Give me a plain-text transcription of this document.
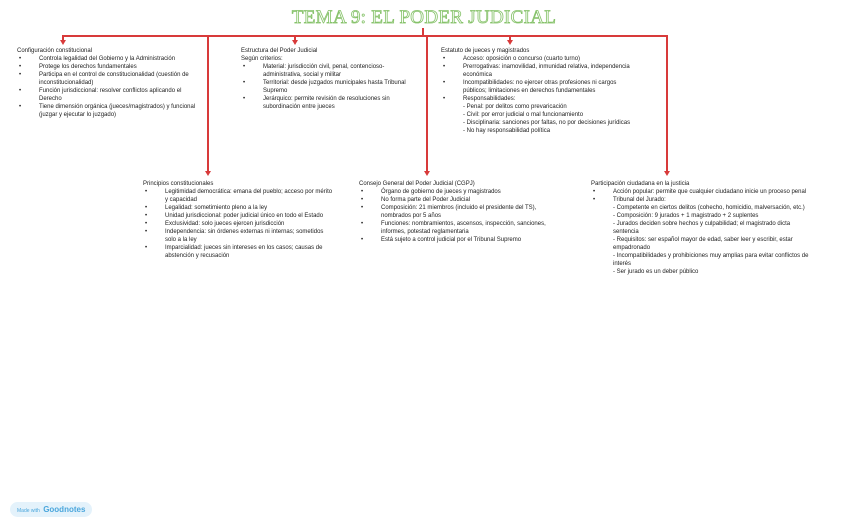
TEMA 9: EL PODER JUDICIAL

Configuración constitucional

• Controla legalidad del Gobierno y la Administración
• Protege los derechos fundamentales
• Participa en el control de constitucionalidad (cuestión de inconstitucionalidad)
• Función jurisdiccional: resolver conflictos aplicando el Derecho
• Tiene dimensión orgánica (jueces/magistrados) y funcional (juzgar y ejecutar lo juzgado)

Estructura del Poder Judicial

Según criterios:

• Material: jurisdicción civil, penal, contencioso-administrativa, social y militar
• Territorial: desde juzgados municipales hasta Tribunal Supremo
• Jerárquico: permite revisión de resoluciones sin subordinación entre jueces

Estatuto de jueces y magistrados

• Acceso: oposición o concurso (cuarto turno)
• Prerrogativas: inamovilidad, inmunidad relativa, independencia económica
• Incompatibilidades: no ejercer otras profesiones ni cargos públicos; limitaciones en derechos fundamentales
• Responsabilidades:
- Penal: por delitos como prevaricación
- Civil: por error judicial o mal funcionamiento
- Disciplinaria: sanciones por faltas, no por decisiones jurídicas
- No hay responsabilidad política

Principios constitucionales

• Legitimidad democrática: emana del pueblo; acceso por mérito y capacidad
• Legalidad: sometimiento pleno a la ley
• Unidad jurisdiccional: poder judicial único en todo el Estado
• Exclusividad: solo jueces ejercen jurisdicción
• Independencia: sin órdenes externas ni internas; sometidos solo a la ley
• Imparcialidad: jueces sin intereses en los casos; causas de abstención y recusación

Consejo General del Poder Judicial (CGPJ)

• Órgano de gobierno de jueces y magistrados
• No forma parte del Poder Judicial
• Composición: 21 miembros (incluido el presidente del TS), nombrados por 5 años
• Funciones: nombramientos, ascensos, inspección, sanciones, informes, potestad reglamentaria
• Está sujeto a control judicial por el Tribunal Supremo

Participación ciudadana en la justicia

• Acción popular: permite que cualquier ciudadano inicie un proceso penal
• Tribunal del Jurado:
- Competente en ciertos delitos (cohecho, homicidio, malversación, etc.)
- Composición: 9 jurados + 1 magistrado + 2 suplentes
- Jurados deciden sobre hechos y culpabilidad; el magistrado dicta sentencia
- Requisitos: ser español mayor de edad, saber leer y escribir, estar empadronado
- Incompatibilidades y prohibiciones muy amplias para evitar conflictos de interés
- Ser jurado es un deber público
Made with Goodnotes
